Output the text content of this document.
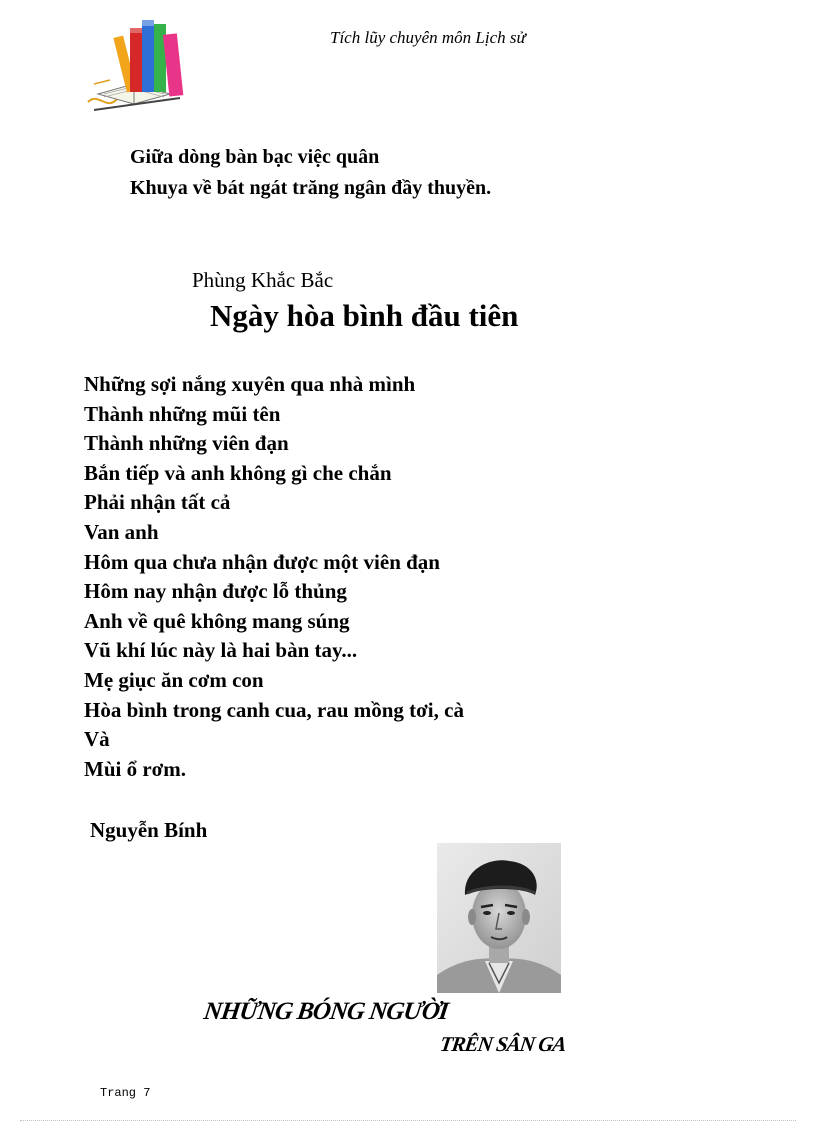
Tích lũy chuyên môn Lịch sử
Giữa dòng bàn bạc việc quân
Khuya về bát ngát trăng ngân đầy thuyền.
Phùng Khắc Bắc
Ngày hòa bình đầu tiên
Những sợi nắng xuyên qua nhà mình
Thành những mũi tên
Thành những viên đạn
Bắn tiếp và anh không gì che chắn
Phải nhận tất cả
Van anh
Hôm qua chưa nhận được một viên đạn
Hôm nay nhận được lỗ thủng
Anh về quê không mang súng
Vũ khí lúc này là hai bàn tay...
Mẹ giục ăn cơm con
Hòa bình trong canh cua, rau mồng tơi, cà
Và
Mùi ổ rơm.
Nguyễn Bính
NHỮNG BÓNG NGƯỜI
TRÊN SÂN GA
Trang 7
